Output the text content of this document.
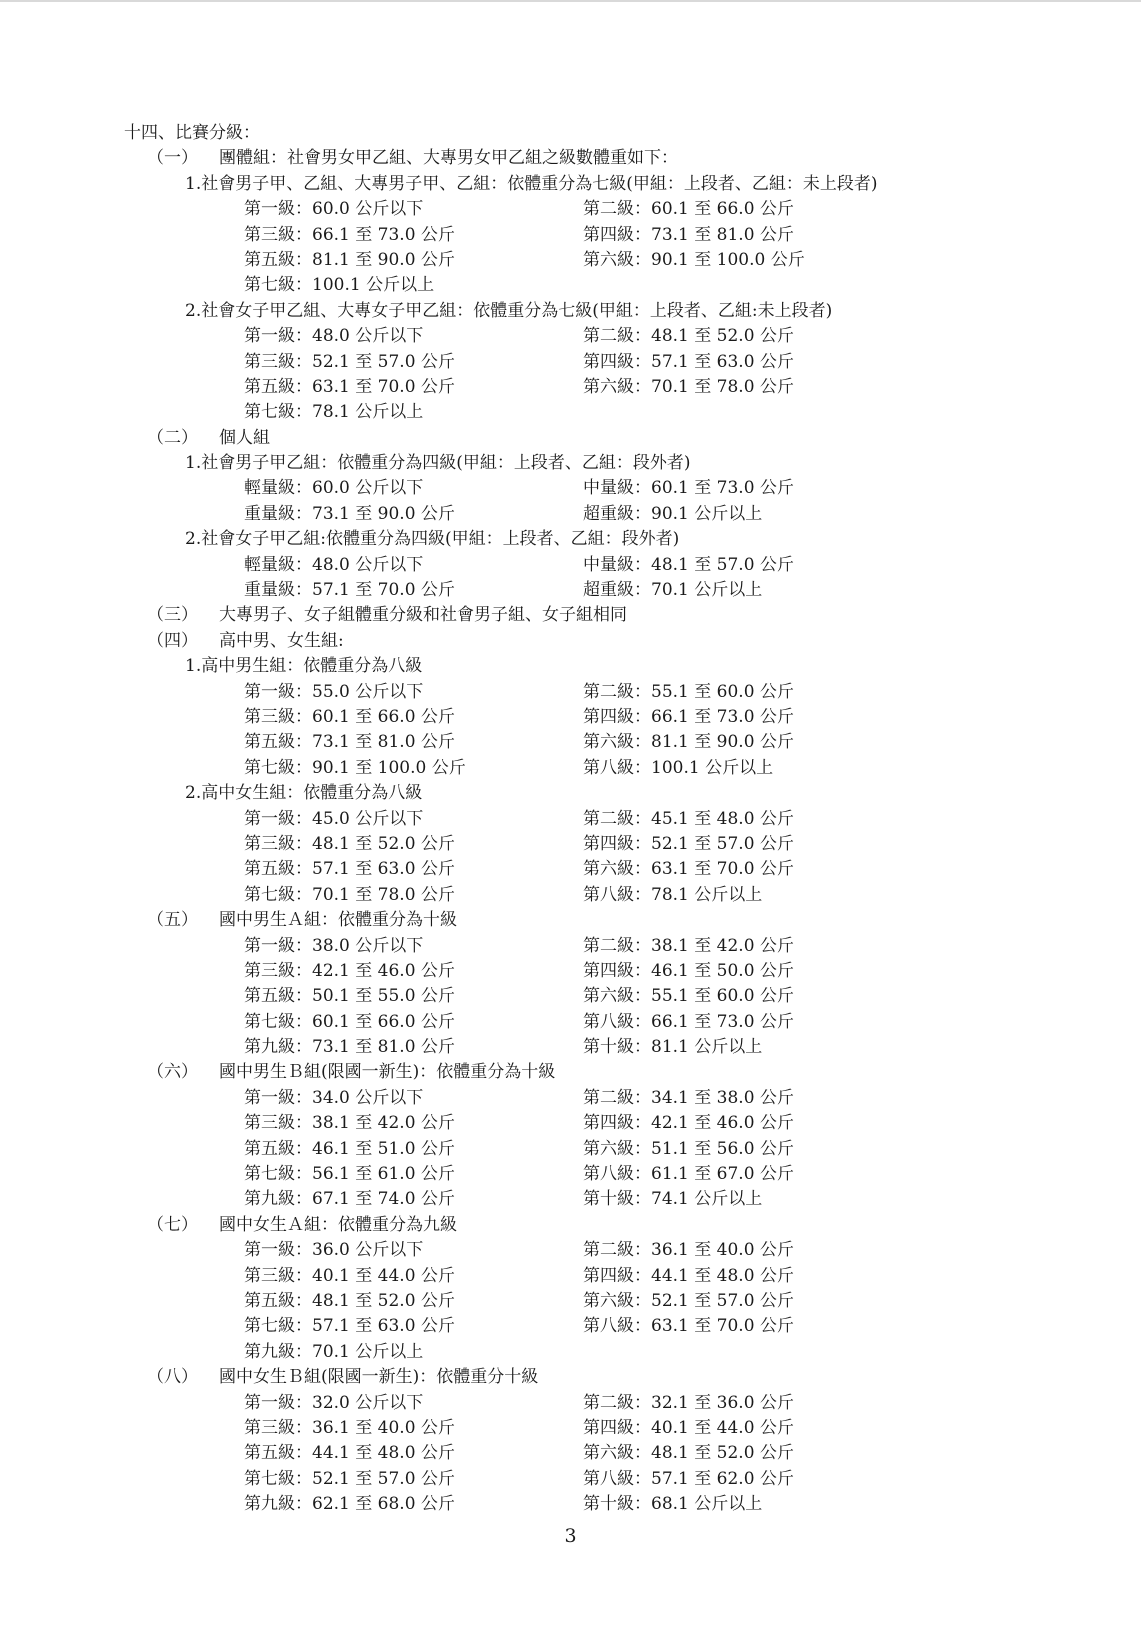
十四、比賽分級：
（一） 團體組：社會男女甲乙組、大專男女甲乙組之級數體重如下：
1.社會男子甲、乙組、大專男子甲、乙組：依體重分為七級(甲組：上段者、乙組：未上段者)
第一級：60.0 公斤以下	第二級：60.1 至 66.0 公斤
第三級：66.1 至 73.0 公斤	第四級：73.1 至 81.0 公斤
第五級：81.1 至 90.0 公斤	第六級：90.1 至 100.0 公斤
第七級：100.1 公斤以上
2.社會女子甲乙組、大專女子甲乙組：依體重分為七級(甲組：上段者、乙組:未上段者)
第一級：48.0 公斤以下	第二級：48.1 至 52.0 公斤
第三級：52.1 至 57.0 公斤	第四級：57.1 至 63.0 公斤
第五級：63.1 至 70.0 公斤	第六級：70.1 至 78.0 公斤
第七級：78.1 公斤以上
（二） 個人組
1.社會男子甲乙組：依體重分為四級(甲組：上段者、乙組：段外者)
輕量級：60.0 公斤以下	中量級：60.1 至 73.0 公斤
重量級：73.1 至 90.0 公斤	超重級：90.1 公斤以上
2.社會女子甲乙組:依體重分為四級(甲組：上段者、乙組：段外者)
輕量級：48.0 公斤以下	中量級：48.1 至 57.0 公斤
重量級：57.1 至 70.0 公斤	超重級：70.1 公斤以上
（三） 大專男子、女子組體重分級和社會男子組、女子組相同
（四） 高中男、女生組:
1.高中男生組：依體重分為八級
第一級：55.0 公斤以下	第二級：55.1 至 60.0 公斤
第三級：60.1 至 66.0 公斤	第四級：66.1 至 73.0 公斤
第五級：73.1 至 81.0 公斤	第六級：81.1 至 90.0 公斤
第七級：90.1 至 100.0 公斤	第八級：100.1 公斤以上
2.高中女生組：依體重分為八級
第一級：45.0 公斤以下	第二級：45.1 至 48.0 公斤
第三級：48.1 至 52.0 公斤	第四級：52.1 至 57.0 公斤
第五級：57.1 至 63.0 公斤	第六級：63.1 至 70.0 公斤
第七級：70.1 至 78.0 公斤	第八級：78.1 公斤以上
（五） 國中男生Ａ組：依體重分為十級
第一級：38.0 公斤以下	第二級：38.1 至 42.0 公斤
第三級：42.1 至 46.0 公斤	第四級：46.1 至 50.0 公斤
第五級：50.1 至 55.0 公斤	第六級：55.1 至 60.0 公斤
第七級：60.1 至 66.0 公斤	第八級：66.1 至 73.0 公斤
第九級：73.1 至 81.0 公斤	第十級：81.1 公斤以上
（六） 國中男生Ｂ組(限國一新生)：依體重分為十級
第一級：34.0 公斤以下	第二級：34.1 至 38.0 公斤
第三級：38.1 至 42.0 公斤	第四級：42.1 至 46.0 公斤
第五級：46.1 至 51.0 公斤	第六級：51.1 至 56.0 公斤
第七級：56.1 至 61.0 公斤	第八級：61.1 至 67.0 公斤
第九級：67.1 至 74.0 公斤	第十級：74.1 公斤以上
（七） 國中女生Ａ組：依體重分為九級
第一級：36.0 公斤以下	第二級：36.1 至 40.0 公斤
第三級：40.1 至 44.0 公斤	第四級：44.1 至 48.0 公斤
第五級：48.1 至 52.0 公斤	第六級：52.1 至 57.0 公斤
第七級：57.1 至 63.0 公斤	第八級：63.1 至 70.0 公斤
第九級：70.1 公斤以上
（八） 國中女生Ｂ組(限國一新生)：依體重分十級
第一級：32.0 公斤以下	第二級：32.1 至 36.0 公斤
第三級：36.1 至 40.0 公斤	第四級：40.1 至 44.0 公斤
第五級：44.1 至 48.0 公斤	第六級：48.1 至 52.0 公斤
第七級：52.1 至 57.0 公斤	第八級：57.1 至 62.0 公斤
第九級：62.1 至 68.0 公斤	第十級：68.1 公斤以上
3
